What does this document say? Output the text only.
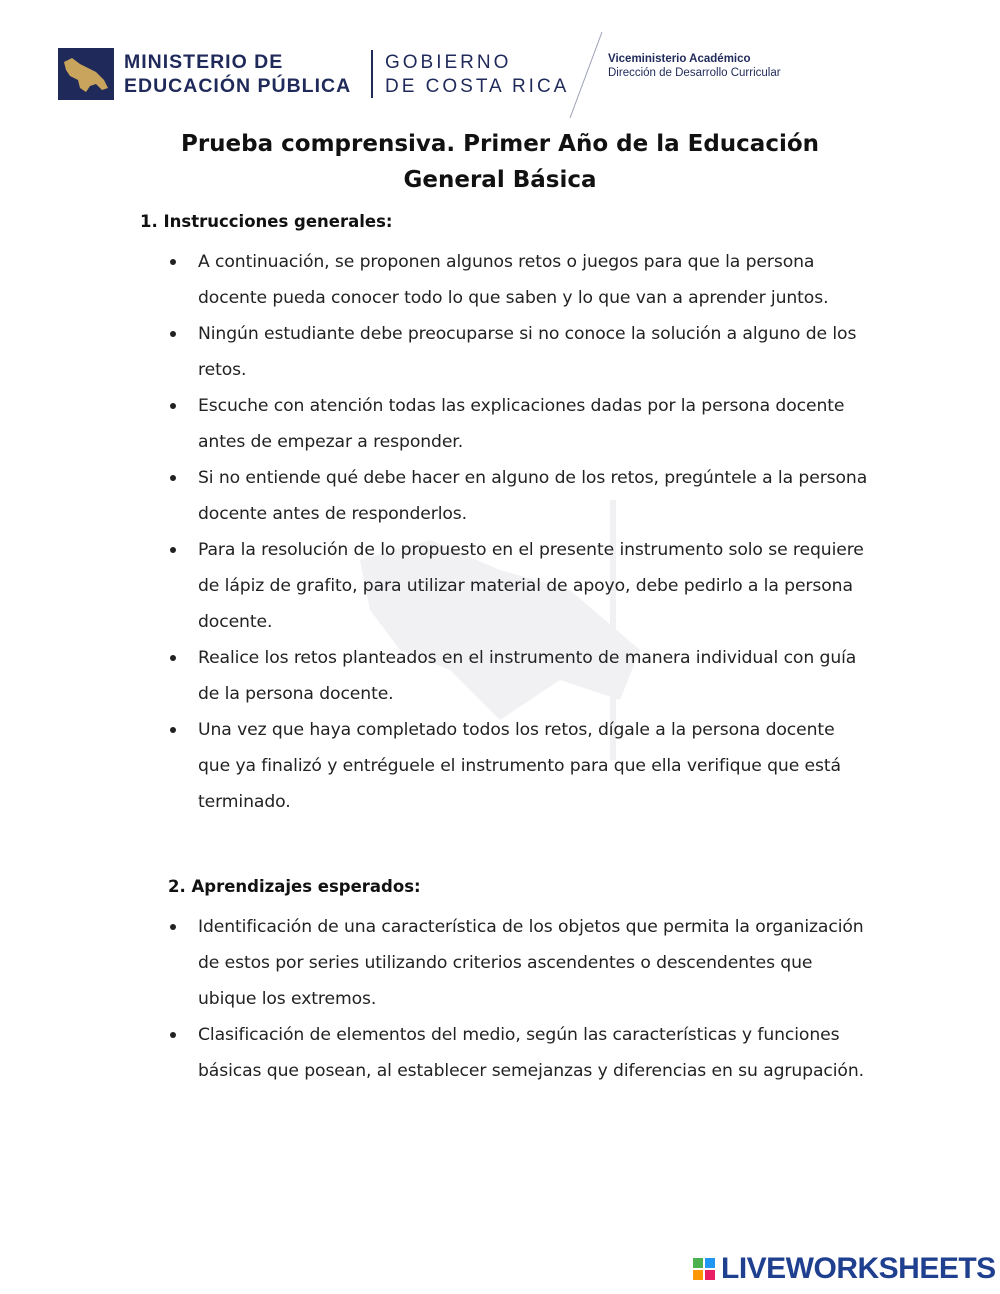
MINISTERIO DE
EDUCACIÓN PÚBLICA
GOBIERNO
DE COSTA RICA
Viceministerio Académico
Dirección de Desarrollo Curricular
Prueba comprensiva. Primer Año de la Educación
General Básica
1. Instrucciones generales:
A continuación, se proponen algunos retos o juegos para que la persona docente pueda conocer todo lo que saben y lo que van a aprender juntos.
Ningún estudiante debe preocuparse si no conoce la solución a alguno de los retos.
Escuche con atención todas las explicaciones dadas por la persona docente antes de empezar a responder.
Si no entiende qué debe hacer en alguno de los retos, pregúntele a la persona docente antes de responderlos.
Para la resolución de lo propuesto en el presente instrumento solo se requiere de lápiz de grafito, para utilizar material de apoyo, debe pedirlo a la persona docente.
Realice los retos planteados en el instrumento de manera individual con guía de la persona docente.
Una vez que haya completado todos los retos, dígale a la persona docente que ya finalizó y entréguele el instrumento para que ella verifique que está terminado.
2. Aprendizajes esperados:
Identificación de una característica de los objetos que permita la organización de estos por series utilizando criterios ascendentes o descendentes que ubique los extremos.
Clasificación de elementos del medio, según las características y funciones básicas que posean, al establecer semejanzas y diferencias en su agrupación.
LIVEWORKSHEETS
